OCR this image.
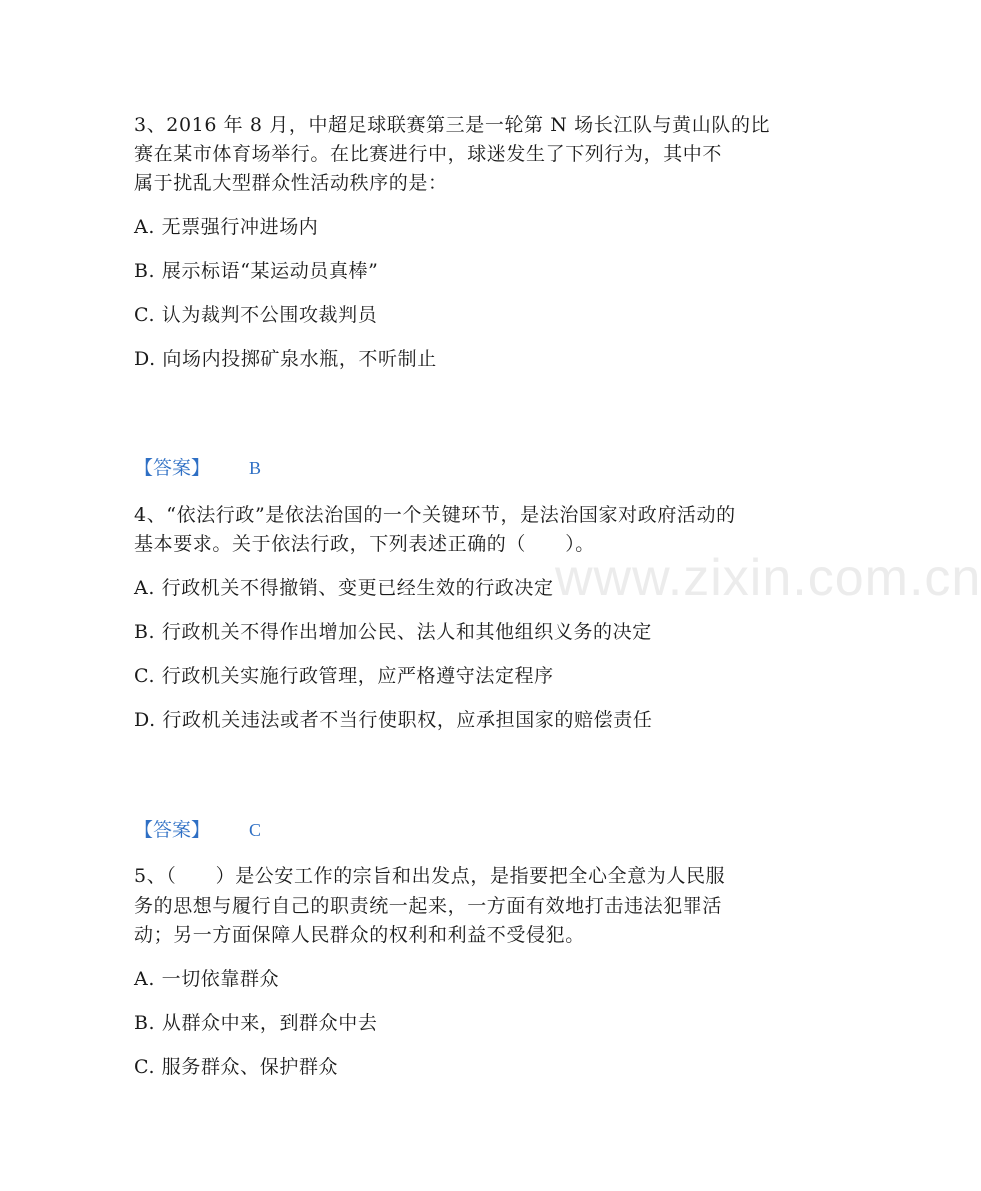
www.zixin.com.cn
3、2016 年 8 月，中超足球联赛第三是一轮第 N 场长江队与黄山队的比
赛在某市体育场举行。在比赛进行中，球迷发生了下列行为，其中不
属于扰乱大型群众性活动秩序的是：
A. 无票强行冲进场内
B. 展示标语“某运动员真棒”
C. 认为裁判不公围攻裁判员
D. 向场内投掷矿泉水瓶，不听制止
【答案】 B
4、“依法行政”是依法治国的一个关键环节，是法治国家对政府活动的
基本要求。关于依法行政，下列表述正确的（　　）。
A. 行政机关不得撤销、变更已经生效的行政决定
B. 行政机关不得作出增加公民、法人和其他组织义务的决定
C. 行政机关实施行政管理，应严格遵守法定程序
D. 行政机关违法或者不当行使职权，应承担国家的赔偿责任
【答案】 C
5、（　　）是公安工作的宗旨和出发点，是指要把全心全意为人民服
务的思想与履行自己的职责统一起来，一方面有效地打击违法犯罪活
动；另一方面保障人民群众的权利和利益不受侵犯。
A. 一切依靠群众
B. 从群众中来，到群众中去
C. 服务群众、保护群众
